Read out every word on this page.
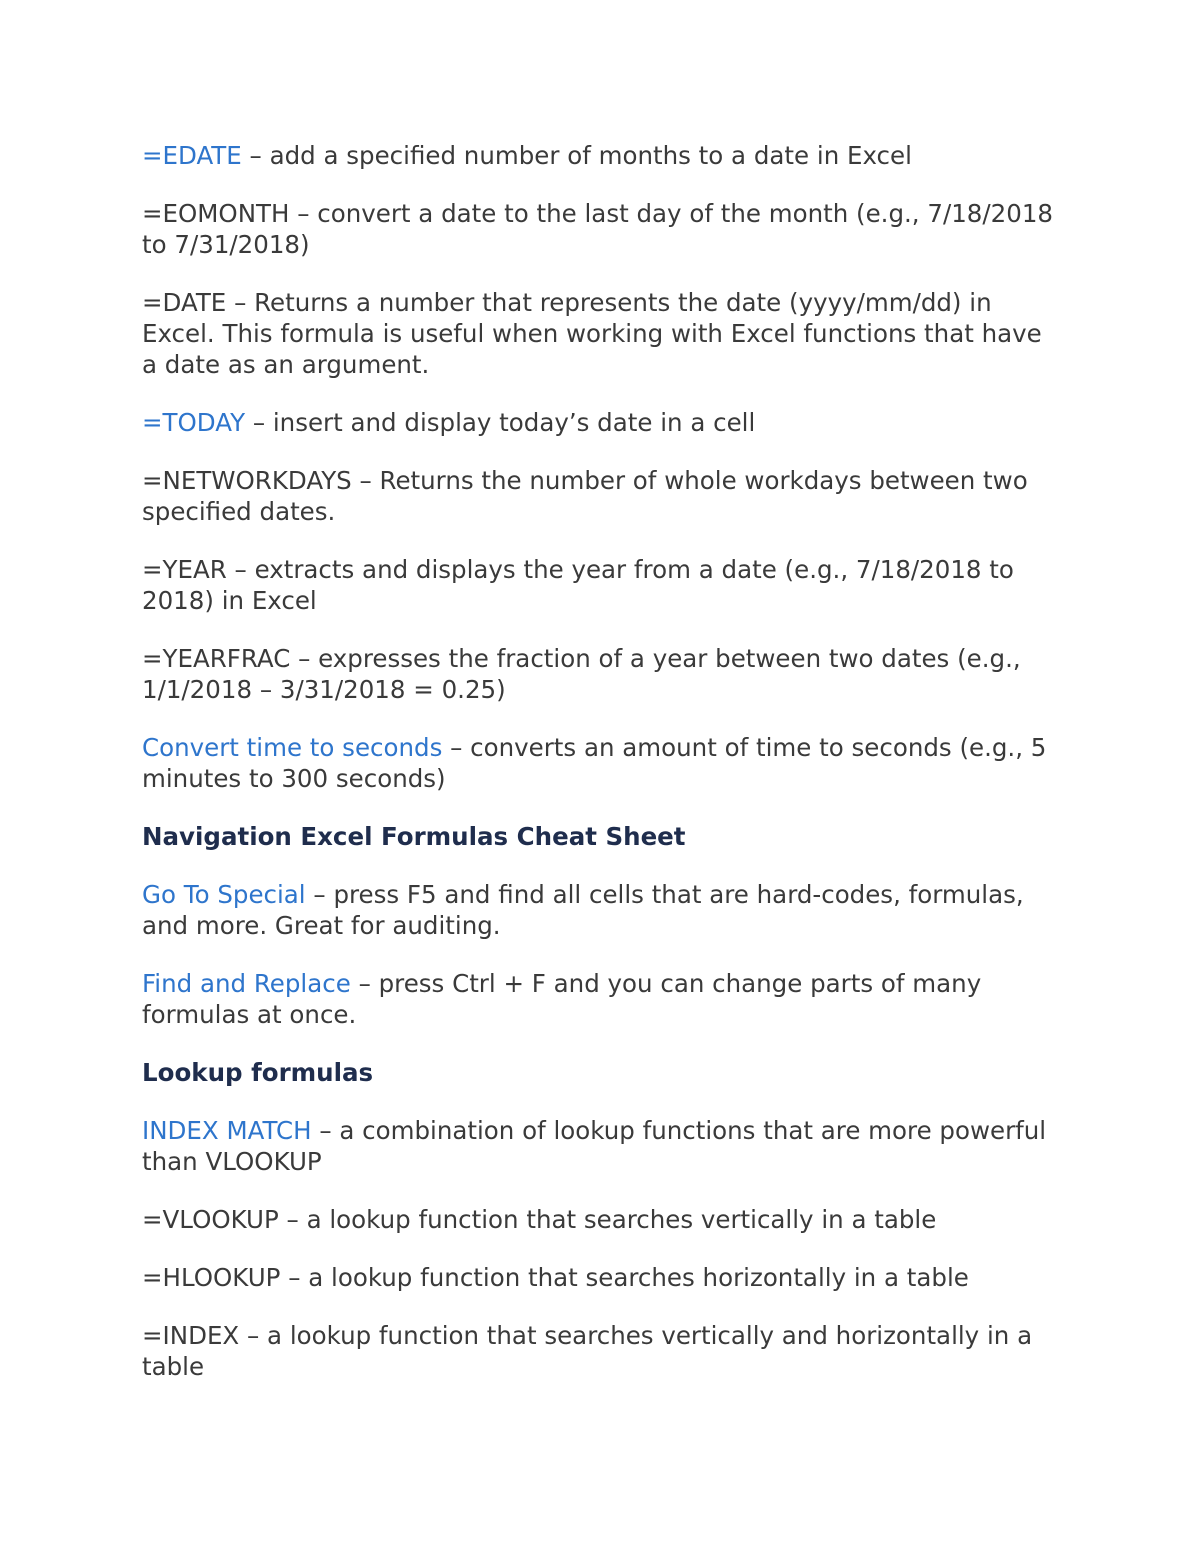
=EDATE – add a specified number of months to a date in Excel
=EOMONTH – convert a date to the last day of the month (e.g., 7/18/2018 to 7/31/2018)
=DATE – Returns a number that represents the date (yyyy/mm/dd) in Excel. This formula is useful when working with Excel functions that have a date as an argument.
=TODAY – insert and display today’s date in a cell
=NETWORKDAYS – Returns the number of whole workdays between two specified dates.
=YEAR – extracts and displays the year from a date (e.g., 7/18/2018 to 2018) in Excel
=YEARFRAC – expresses the fraction of a year between two dates (e.g., 1/1/2018 – 3/31/2018 = 0.25)
Convert time to seconds – converts an amount of time to seconds (e.g., 5 minutes to 300 seconds)
Navigation Excel Formulas Cheat Sheet
Go To Special – press F5 and find all cells that are hard-codes, formulas, and more. Great for auditing.
Find and Replace – press Ctrl + F and you can change parts of many formulas at once.
Lookup formulas
INDEX MATCH – a combination of lookup functions that are more powerful than VLOOKUP
=VLOOKUP – a lookup function that searches vertically in a table
=HLOOKUP – a lookup function that searches horizontally in a table
=INDEX – a lookup function that searches vertically and horizontally in a table
